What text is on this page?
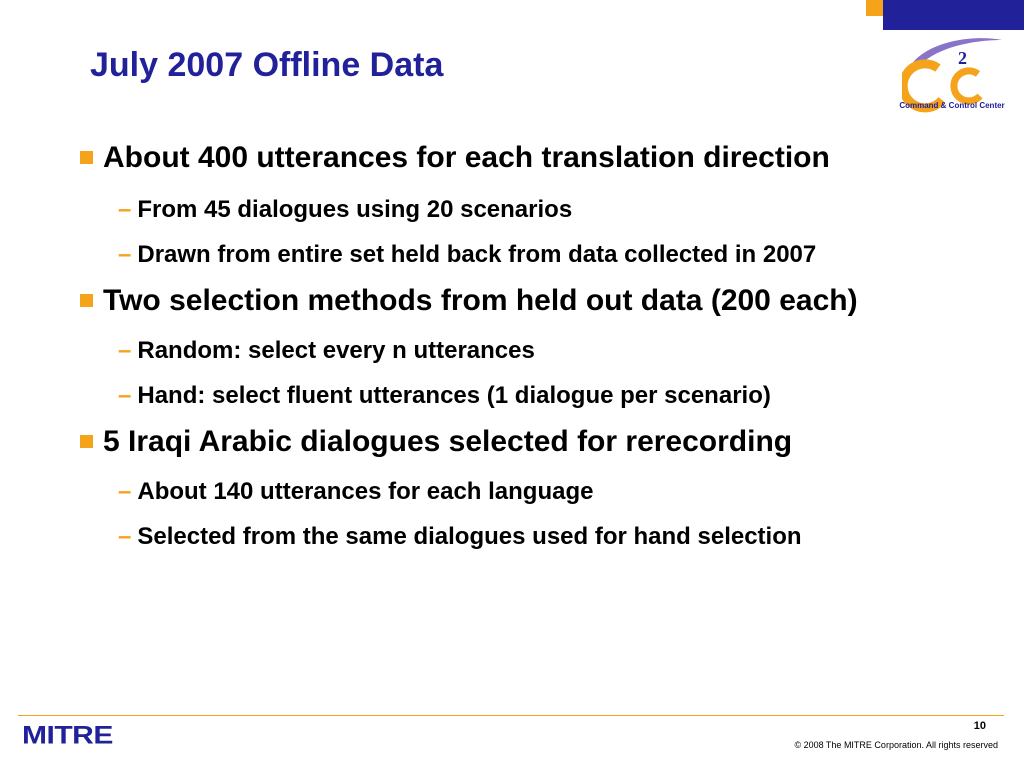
July 2007 Offline Data	2
Command & Control Center
About 400 utterances for each translation direction
– From 45 dialogues using 20 scenarios
– Drawn from entire set held back from data collected in 2007
Two selection methods from held out data (200 each)
– Random: select every n utterances
– Hand: select fluent utterances (1 dialogue per scenario)
5 Iraqi Arabic dialogues selected for rerecording
– About 140 utterances for each language
– Selected from the same dialogues used for hand selection
MITRE	10
© 2008 The MITRE Corporation. All rights reserved
